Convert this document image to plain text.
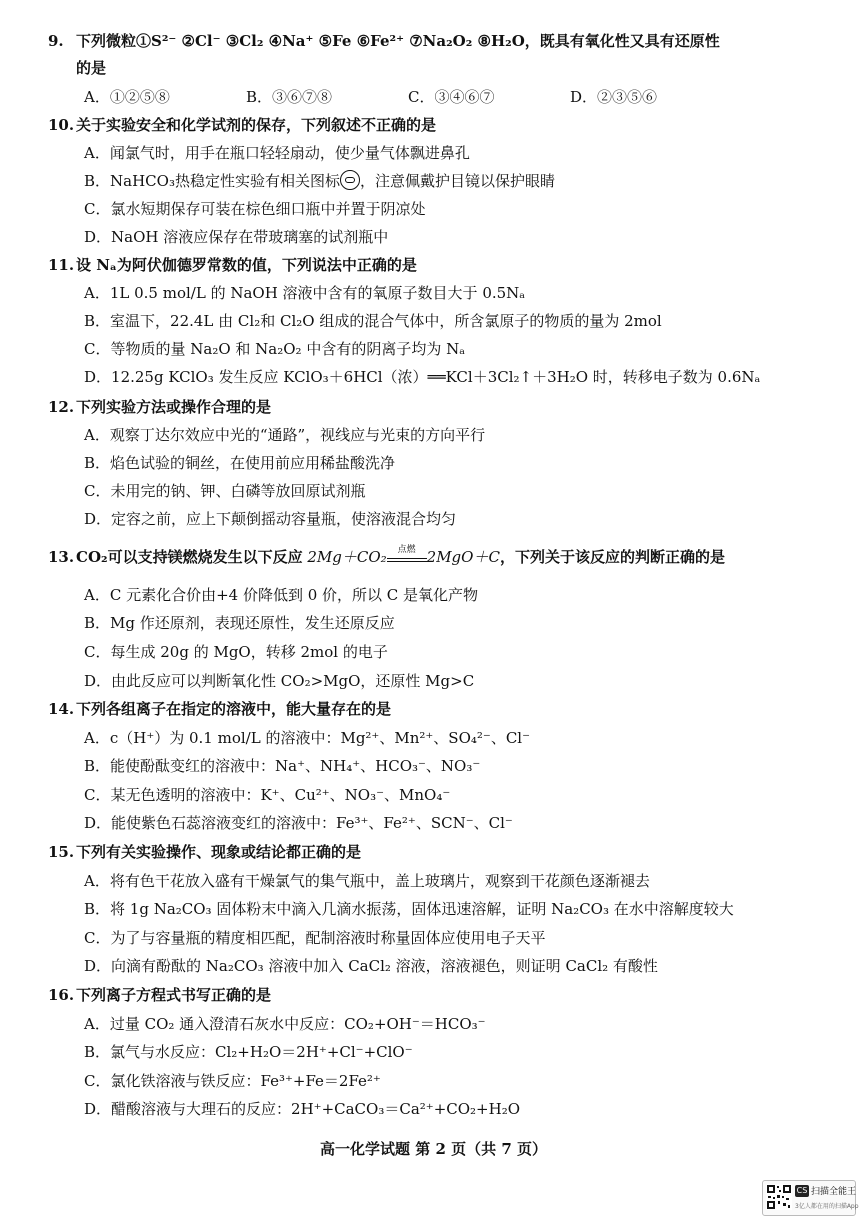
9. 下列微粒①S²⁻ ②Cl⁻ ③Cl₂ ④Na⁺ ⑤Fe ⑥Fe²⁺ ⑦Na₂O₂ ⑧H₂O，既具有氧化性又具有还原性
的是
A．①②⑤⑧	B．③⑥⑦⑧	C．③④⑥⑦	D．②③⑤⑥
10. 关于实验安全和化学试剂的保存，下列叙述不正确的是
A．闻氯气时，用手在瓶口轻轻扇动，使少量气体飘进鼻孔
B．NaHCO₃热稳定性实验有相关图标 ，注意佩戴护目镜以保护眼睛
C．氯水短期保存可装在棕色细口瓶中并置于阴凉处
D．NaOH 溶液应保存在带玻璃塞的试剂瓶中
11. 设 Nₐ为阿伏伽德罗常数的值，下列说法中正确的是
A．1L 0.5 mol/L 的 NaOH 溶液中含有的氧原子数目大于 0.5Nₐ
B．室温下，22.4L 由 Cl₂和 Cl₂O 组成的混合气体中，所含氯原子的物质的量为 2mol
C．等物质的量 Na₂O 和 Na₂O₂ 中含有的阴离子均为 Nₐ
D．12.25g KClO₃ 发生反应 KClO₃＋6HCl（浓）══KCl＋3Cl₂↑＋3H₂O 时，转移电子数为 0.6Nₐ
12. 下列实验方法或操作合理的是
A．观察丁达尔效应中光的“通路”，视线应与光束的方向平行
B．焰色试验的铜丝，在使用前应用稀盐酸洗净
C．未用完的钠、钾、白磷等放回原试剂瓶
D．定容之前，应上下颠倒摇动容量瓶，使溶液混合均匀
13. CO₂可以支持镁燃烧发生以下反应 2Mg＋CO₂	点燃 2MgO＋C，下列关于该反应的判断正确的是
A．C 元素化合价由+4 价降低到 0 价，所以 C 是氧化产物
B．Mg 作还原剂，表现还原性，发生还原反应
C．每生成 20g 的 MgO，转移 2mol 的电子
D．由此反应可以判断氧化性 CO₂>MgO，还原性 Mg>C
14. 下列各组离子在指定的溶液中，能大量存在的是
A．c（H⁺）为 0.1 mol/L 的溶液中：Mg²⁺、Mn²⁺、SO₄²⁻、Cl⁻
B．能使酚酞变红的溶液中：Na⁺、NH₄⁺、HCO₃⁻、NO₃⁻
C．某无色透明的溶液中：K⁺、Cu²⁺、NO₃⁻、MnO₄⁻
D．能使紫色石蕊溶液变红的溶液中：Fe³⁺、Fe²⁺、SCN⁻、Cl⁻
15. 下列有关实验操作、现象或结论都正确的是
A．将有色干花放入盛有干燥氯气的集气瓶中，盖上玻璃片，观察到干花颜色逐渐褪去
B．将 1g Na₂CO₃ 固体粉末中滴入几滴水振荡，固体迅速溶解，证明 Na₂CO₃ 在水中溶解度较大
C．为了与容量瓶的精度相匹配，配制溶液时称量固体应使用电子天平
D．向滴有酚酞的 Na₂CO₃ 溶液中加入 CaCl₂ 溶液，溶液褪色，则证明 CaCl₂ 有酸性
16. 下列离子方程式书写正确的是
A．过量 CO₂ 通入澄清石灰水中反应：CO₂+OH⁻＝HCO₃⁻
B．氯气与水反应：Cl₂+H₂O＝2H⁺+Cl⁻+ClO⁻
C．氯化铁溶液与铁反应：Fe³⁺+Fe＝2Fe²⁺
D．醋酸溶液与大理石的反应：2H⁺+CaCO₃＝Ca²⁺+CO₂+H₂O
高一化学试题 第 2 页（共 7 页）
CS 扫描全能王
3亿人都在用的扫描App
